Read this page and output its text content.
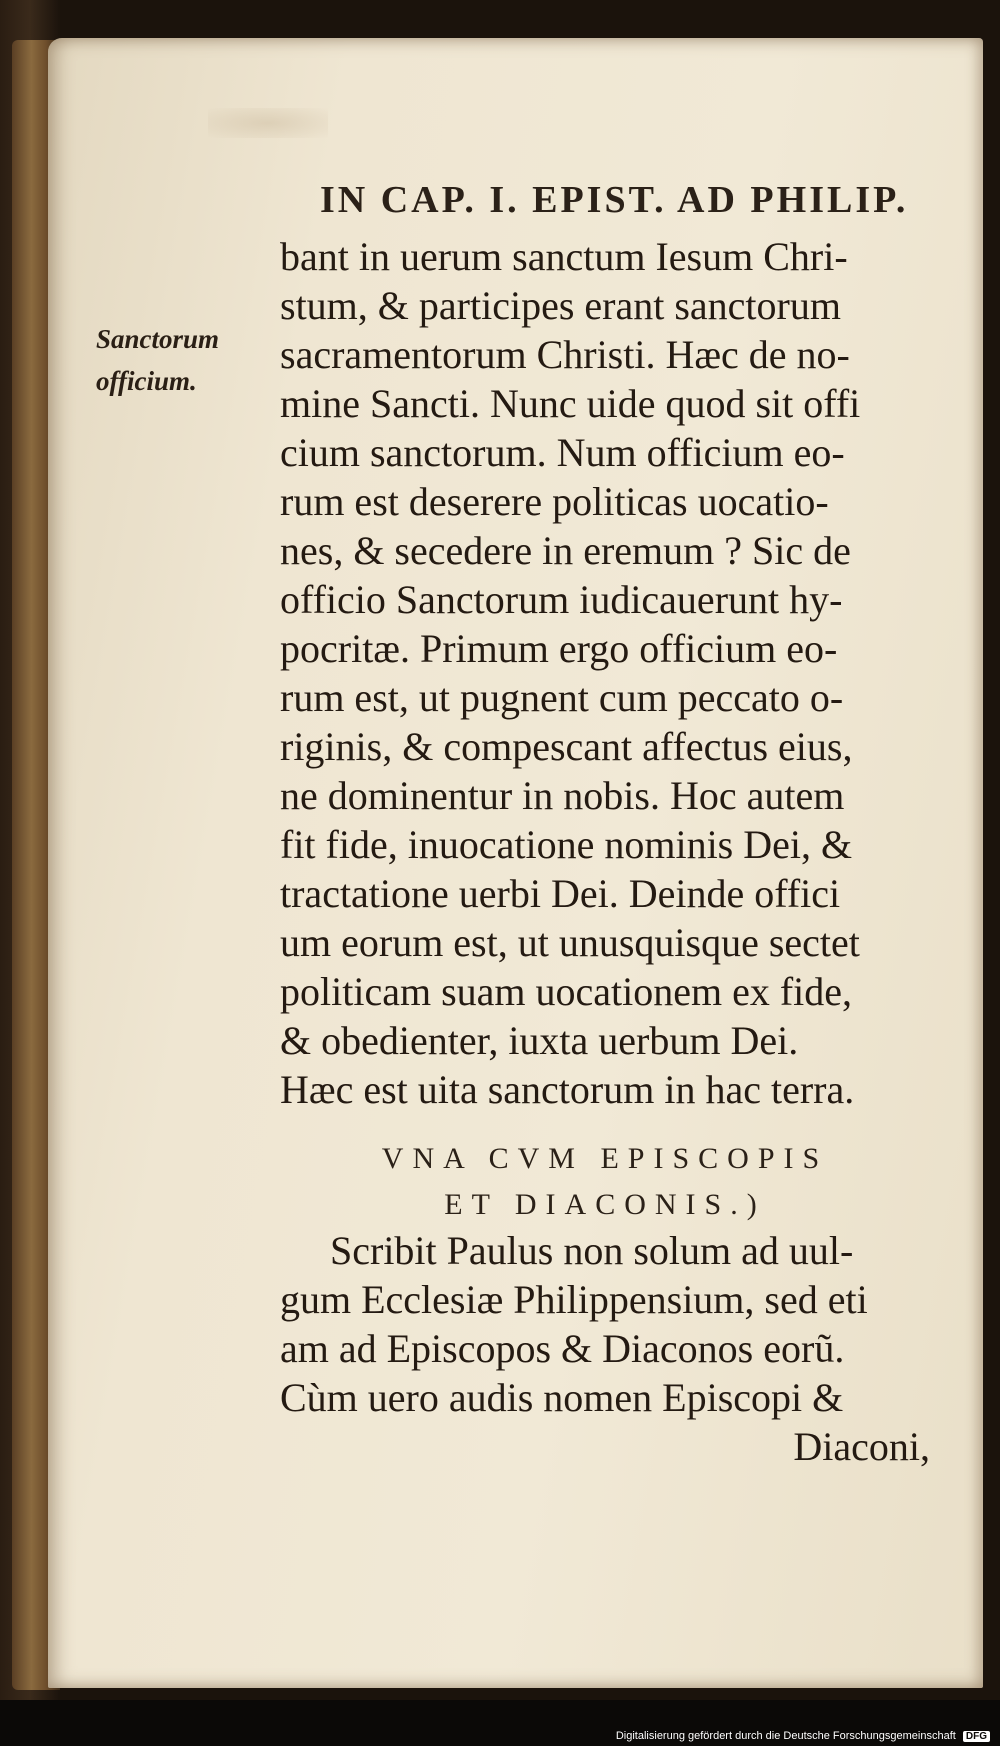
IN CAP. I. EPIST. AD PHILIP.
Sanctorum
officium.
bant in uerum sanctum Iesum Chri-
stum, & participes erant sanctorum
sacramentorum Christi. Hæc de no-
mine Sancti. Nunc uide quod sit offi
cium sanctorum. Num officium eo-
rum est deserere politicas uocatio-
nes, & secedere in eremum ? Sic de
officio Sanctorum iudicauerunt hy-
pocritæ. Primum ergo officium eo-
rum est, ut pugnent cum peccato o-
riginis, & compescant affectus eius,
ne dominentur in nobis. Hoc autem
fit fide, inuocatione nominis Dei, &
tractatione uerbi Dei. Deinde offici
um eorum est, ut unusquisque sectet
politicam suam uocationem ex fide,
& obedienter, iuxta uerbum Dei.
Hæc est uita sanctorum in hac terra.
VNA CVM EPISCOPIS
ET DIACONIS.)
Scribit Paulus non solum ad uul-
gum Ecclesiæ Philippensium, sed eti
am ad Episcopos & Diaconos eorũ.
Cùm uero audis nomen Episcopi &
Diaconi,
Digitalisierung gefördert durch die Deutsche Forschungsgemeinschaft DFG
